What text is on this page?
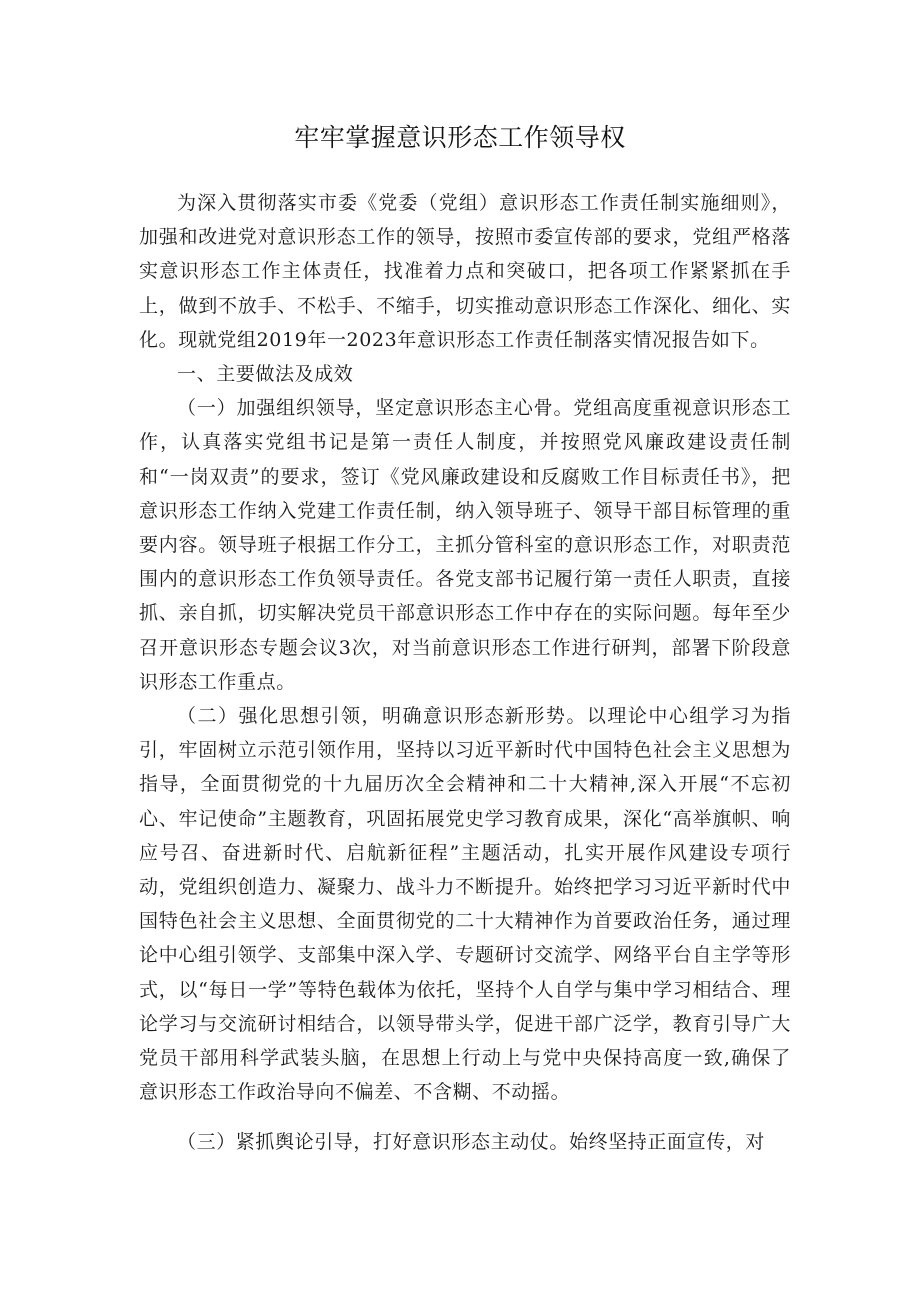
牢牢掌握意识形态工作领导权

为深入贯彻落实市委《党委（党组）意识形态工作责任制实施细则》，加强和改进党对意识形态工作的领导，按照市委宣传部的要求，党组严格落实意识形态工作主体责任，找准着力点和突破口，把各项工作紧紧抓在手上，做到不放手、不松手、不缩手，切实推动意识形态工作深化、细化、实化。现就党组2019年一2023年意识形态工作责任制落实情况报告如下。

一、主要做法及成效

（一）加强组织领导，坚定意识形态主心骨。党组高度重视意识形态工作，认真落实党组书记是第一责任人制度，并按照党风廉政建设责任制和“一岗双责”的要求，签订《党风廉政建设和反腐败工作目标责任书》，把意识形态工作纳入党建工作责任制，纳入领导班子、领导干部目标管理的重要内容。领导班子根据工作分工，主抓分管科室的意识形态工作，对职责范围内的意识形态工作负领导责任。各党支部书记履行第一责任人职责，直接抓、亲自抓，切实解决党员干部意识形态工作中存在的实际问题。每年至少召开意识形态专题会议3次，对当前意识形态工作进行研判，部署下阶段意识形态工作重点。

（二）强化思想引领，明确意识形态新形势。以理论中心组学习为指引，牢固树立示范引领作用，坚持以习近平新时代中国特色社会主义思想为指导，全面贯彻党的十九届历次全会精神和二十大精神,深入开展“不忘初心、牢记使命”主题教育，巩固拓展党史学习教育成果，深化“高举旗帜、响应号召、奋进新时代、启航新征程”主题活动，扎实开展作风建设专项行动，党组织创造力、凝聚力、战斗力不断提升。始终把学习习近平新时代中国特色社会主义思想、全面贯彻党的二十大精神作为首要政治任务，通过理论中心组引领学、支部集中深入学、专题研讨交流学、网络平台自主学等形式，以“每日一学”等特色载体为依托，坚持个人自学与集中学习相结合、理论学习与交流研讨相结合，以领导带头学，促进干部广泛学，教育引导广大党员干部用科学武装头脑，在思想上行动上与党中央保持高度一致,确保了意识形态工作政治导向不偏差、不含糊、不动摇。

（三）紧抓舆论引导，打好意识形态主动仗。始终坚持正面宣传，对
